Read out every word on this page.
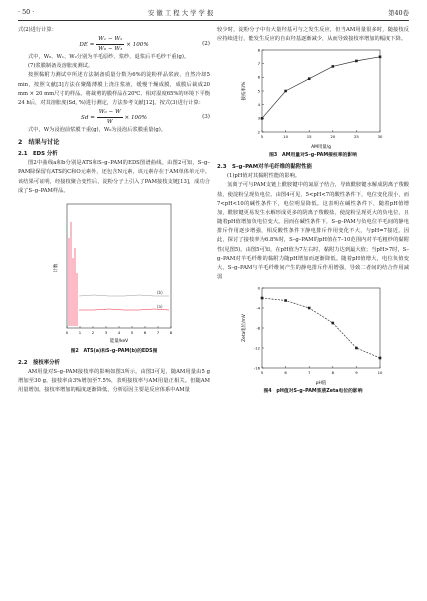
· 50 ·	安 徽 工 程 大 学 学 报	第40卷

式(2)进行计算：

DE = $\frac{\text{W₁ − W₂}}{\text{W₀ − W₃}} \times 100\%$	(2)

式中，W₀、W₁、W₂分别为羊毛原纱、浆纱、退浆后羊毛纱干重(g)。

(7)浆膜制备及溶胀度测试。

按照黏附力测试中所述方法制备质量分数为6%的淀粉样品浆液，自然冷却5 min，按照文献[3]方法在聚酯薄膜上浇注浆液，缓慢干燥成膜，成膜后裁成20 mm × 20 mm尺寸的样品。将裁剪的膜样品在20℃、相对湿度65%的环境下平衡24 h后，对其溶胀度(Sd, %)进行测定，方法参考文献[12]。按式(3)进行计算：

$Sd = \frac{\text{W₀ − W}}{W} \times 100\%$	(3)

式中，W为浸泡前浆膜干重(g)，W₀为浸泡后浆膜重量(g)。

2　结果与讨论
2.1　EDS 分析

图2中曲线a和b分别是ATS和S–g–PAM的EDS图谱曲线。由图2可知，S–g–PAM除保留有ATS的C和O元素外，还包含N元素，该元素存在于AM单体单元中。该结果可证明，经接枝聚合变性后，淀粉分子上引入了PAM接枝支链[13]，成功合成了S–g–PAM样品。

(b)
(a)
0	1	2	3	4	5	6	7	8
能量/keV
计数
图2　ATS(a)和S–g–PAM(b)的EDS图
2.2　接枝率分析

AM用量对S–g–PAM接枝率的影响如图3所示。由图3可见，随AM用量由5 g增加至30 g，接枝率由3%增加至7.5%，表明接枝率与AM用量正相关。但随AM用量增加，接枝率增加的幅度逐渐降低，分析原因主要是反应体系中AM量

较少时，淀粉分子中有大量羟基可与之发生反应，但当AM用量很多时，随接枝反应持续进行，能发生反应的自由羟基逐渐减少，从而导致接枝率增加的幅度下降。

5	10	15	20	25	30
2
3
4
5
6
7
8
AM用量/g
接枝率/%
图3　AM用量对S–g–PAM接枝率的影响
2.3　S–g–PAM对羊毛纤维的黏附性能

(1)pH值对其黏附性能的影响。

氢离子可与PAM支链上酰胺键中的氮原子结合，导致酰胺键水解成阴离子羧酸盐，使淀粉呈现负电位。由图4可见，5<pH<7的酸性条件下，电位变化很小，而7<pH<10的碱性条件下，电位明显降低。这表明在碱性条件下，随着pH值增加，酰胺键更易发生水解形成更多的阴离子羧酸盐，使淀粉呈现更大的负电位，且随着pH值增加负电位变大。因而在碱性条件下，S–g–PAM与负电位羊毛间的静电排斥作用逐步增强，相反酸性条件下静电排斥作用变化不大，与pH=7接近。因此，探讨了接枝率为6.8%时，S–g–PAM的pH值在7–10范围内对羊毛粗纱的黏附性(见图5)。由图5可知，在pH值为7左右时，黏附力达到最大值；当pH>7时，S–g–PAM对羊毛纤维的黏附力随pH增加而逐渐降低。随着pH值增大，电位负值变大，S–g–PAM与羊毛纤维间产生的静电排斥作用增强，导致二者间的结合作用减弱

5	6	7	8	9	10
0
-4
-8
-12
-16
pH值
Zeta电位/mV
图4　pH值对S–g–PAM浆液Zeta电位的影响
